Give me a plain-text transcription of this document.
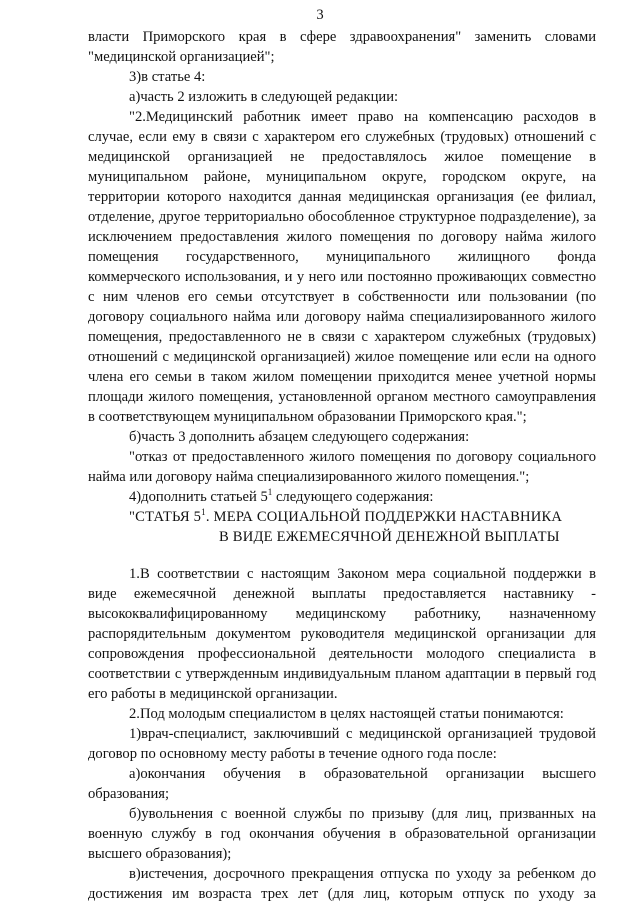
3

власти Приморского края в сфере здравоохранения" заменить словами "медицинской организацией";

3)в статье 4:

а)часть 2 изложить в следующей редакции:

"2.Медицинский работник имеет право на компенсацию расходов в случае, если ему в связи с характером его служебных (трудовых) отношений с медицинской организацией не предоставлялось жилое помещение в муниципальном районе, муниципальном округе, городском округе, на территории которого находится данная медицинская организация (ее филиал, отделение, другое территориально обособленное структурное подразделение), за исключением предоставления жилого помещения по договору найма жилого помещения государственного, муниципального жилищного фонда коммерческого использования, и у него или постоянно проживающих совместно с ним членов его семьи отсутствует в собственности или пользовании (по договору социального найма или договору найма специализированного жилого помещения, предоставленного не в связи с характером служебных (трудовых) отношений с медицинской организацией) жилое помещение или если на одного члена его семьи в таком жилом помещении приходится менее учетной нормы площади жилого помещения, установленной органом местного самоуправления в соответствующем муниципальном образовании Приморского края.";

б)часть 3 дополнить абзацем следующего содержания:

"отказ от предоставленного жилого помещения по договору социального найма или договору найма специализированного жилого помещения.";

4)дополнить статьей $5^1$ следующего содержания:

"СТАТЬЯ $5^1$. МЕРА СОЦИАЛЬНОЙ ПОДДЕРЖКИ НАСТАВНИКА

В ВИДЕ ЕЖЕМЕСЯЧНОЙ ДЕНЕЖНОЙ ВЫПЛАТЫ

1.В соответствии с настоящим Законом мера социальной поддержки в виде ежемесячной денежной выплаты предоставляется наставнику - высококвалифицированному медицинскому работнику, назначенному распорядительным документом руководителя медицинской организации для сопровождения профессиональной деятельности молодого специалиста в соответствии с утвержденным индивидуальным планом адаптации в первый год его работы в медицинской организации.

2.Под молодым специалистом в целях настоящей статьи понимаются:

1)врач-специалист, заключивший с медицинской организацией трудовой договор по основному месту работы в течение одного года после:

а)окончания обучения в образовательной организации высшего образования;

б)увольнения с военной службы по призыву (для лиц, призванных на военную службу в год окончания обучения в образовательной организации высшего образования);

в)истечения, досрочного прекращения отпуска по уходу за ребенком до достижения им возраста трех лет (для лиц, которым отпуск по уходу за
